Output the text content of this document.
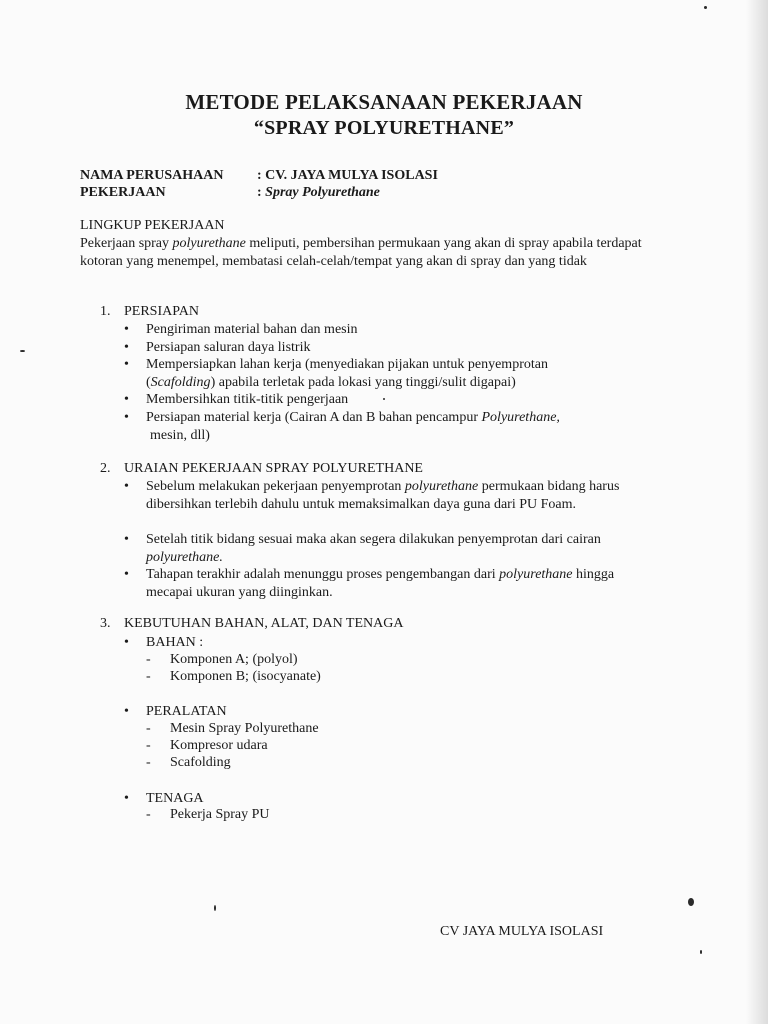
METODE PELAKSANAAN PEKERJAAN
“SPRAY POLYURETHANE”
NAMA PERUSAHAAN : CV. JAYA MULYA ISOLASI
PEKERJAAN	: Spray Polyurethane
LINGKUP PEKERJAAN
Pekerjaan spray polyurethane meliputi, pembersihan permukaan yang akan di spray apabila terdapat kotoran yang menempel, membatasi celah-celah/tempat yang akan di spray dan yang tidak
1. PERSIAPAN
• Pengiriman material bahan dan mesin
• Persiapan saluran daya listrik
• Mempersiapkan lahan kerja (menyediakan pijakan untuk penyemprotan (Scafolding) apabila terletak pada lokasi yang tinggi/sulit digapai)
• Membersihkan titik-titik pengerjaan
• Persiapan material kerja (Cairan A dan B bahan pencampur Polyurethane,
mesin, dll)
2. URAIAN PEKERJAAN SPRAY POLYURETHANE
• Sebelum melakukan pekerjaan penyemprotan polyurethane permukaan bidang harus dibersihkan terlebih dahulu untuk memaksimalkan daya guna dari PU Foam.
• Setelah titik bidang sesuai maka akan segera dilakukan penyemprotan dari cairan polyurethane.
• Tahapan terakhir adalah menunggu proses pengembangan dari polyurethane hingga mecapai ukuran yang diinginkan.
3. KEBUTUHAN BAHAN, ALAT, DAN TENAGA
• BAHAN :
- Komponen A; (polyol)
- Komponen B; (isocyanate)
• PERALATAN
- Mesin Spray Polyurethane
- Kompresor udara
- Scafolding
• TENAGA
- Pekerja Spray PU
CV JAYA MULYA ISOLASI
